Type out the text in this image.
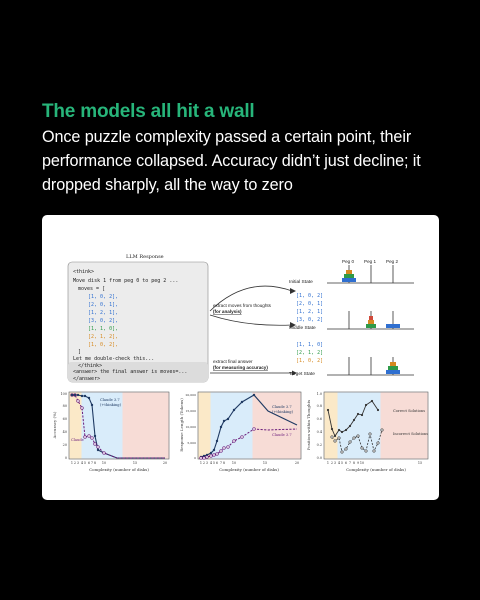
The models all hit a wall
Once puzzle complexity passed a certain point, their performance collapsed. Accuracy didn’t just decline; it dropped sharply, all the way to zero
LLM Response
<think>
Move disk 1 from peg 0 to peg 2 ...
moves = [
[1, 0, 2],
[2, 0, 1],
[1, 2, 1],
[3, 0, 2],
[1, 1, 0],
[2, 1, 2],
[1, 0, 2],
]
Let me double-check this...
</think>
<answer> the final answer is moves=...
</answer>
extract moves from thoughts
(for analysis)
extract final answer
(for measuring accuracy)
Peg 0 Peg 1 Peg 2
Initial State
[1, 0, 2]
[2, 0, 1]
[1, 2, 1]
[3, 0, 2]
[1, 1, 0]
[2, 1, 2]
[1, 0, 2]
Middle State
Target State
Claude 3.7
(+thinking)
Claude
100
80
60
40
20
0
1 2 3 4 5 6 7 8 10	15	20
Complexity (number of disks)
Accuracy (%)
Claude 3.7
(+thinking)
Claude 3.7
20,000
15,000
10,000
5,000
0
1 2 3 4 5 6 7 8 10	15	20
Complexity (number of disks)
Response Length (Tokens)	Correct Solutions
Incorrect Solutions
1.0
0.8
0.6
0.4
0.2
0.0
1 2 3 4 5 6 7 8 9 10	15
Complexity (number of disks)
Position within Thoughts
